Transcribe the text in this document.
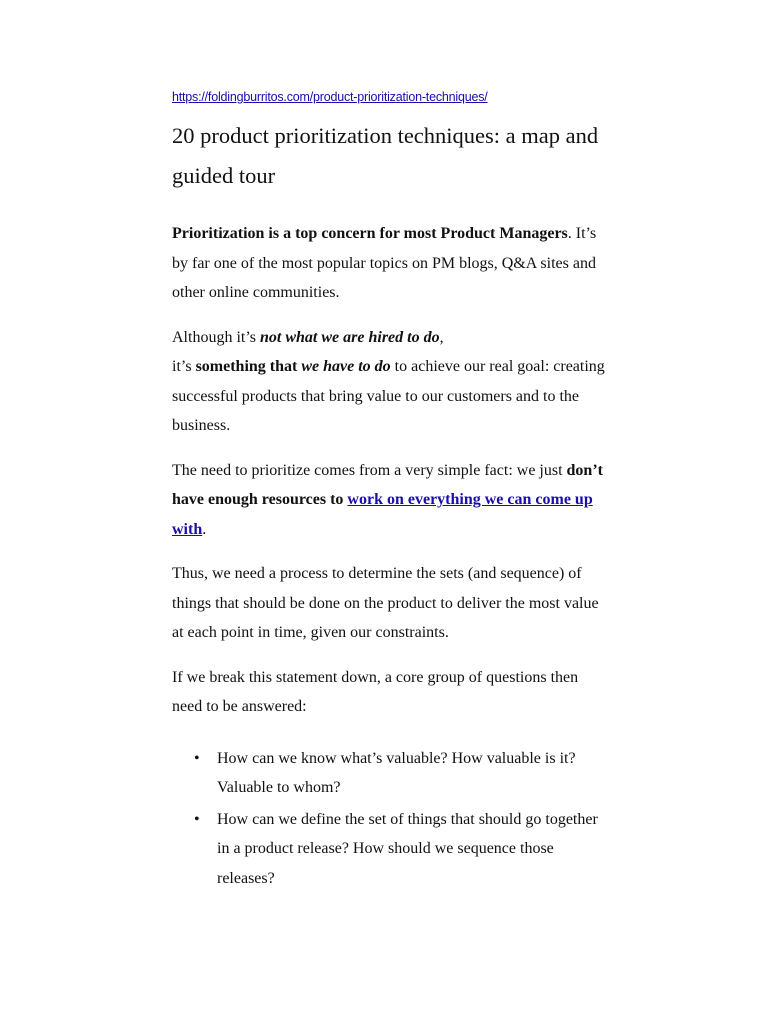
https://foldingburritos.com/product-prioritization-techniques/
20 product prioritization techniques: a map and guided tour

Prioritization is a top concern for most Product Managers. It’s by far one of the most popular topics on PM blogs, Q&A sites and other online communities.

Although it’s not what we are hired to do,
it’s something that we have to do to achieve our real goal: creating successful products that bring value to our customers and to the business.

The need to prioritize comes from a very simple fact: we just don’t have enough resources to work on everything we can come up with.

Thus, we need a process to determine the sets (and sequence) of things that should be done on the product to deliver the most value at each point in time, given our constraints.

If we break this statement down, a core group of questions then need to be answered:

• How can we know what’s valuable? How valuable is it? Valuable to whom?
• How can we define the set of things that should go together in a product release? How should we sequence those releases?
